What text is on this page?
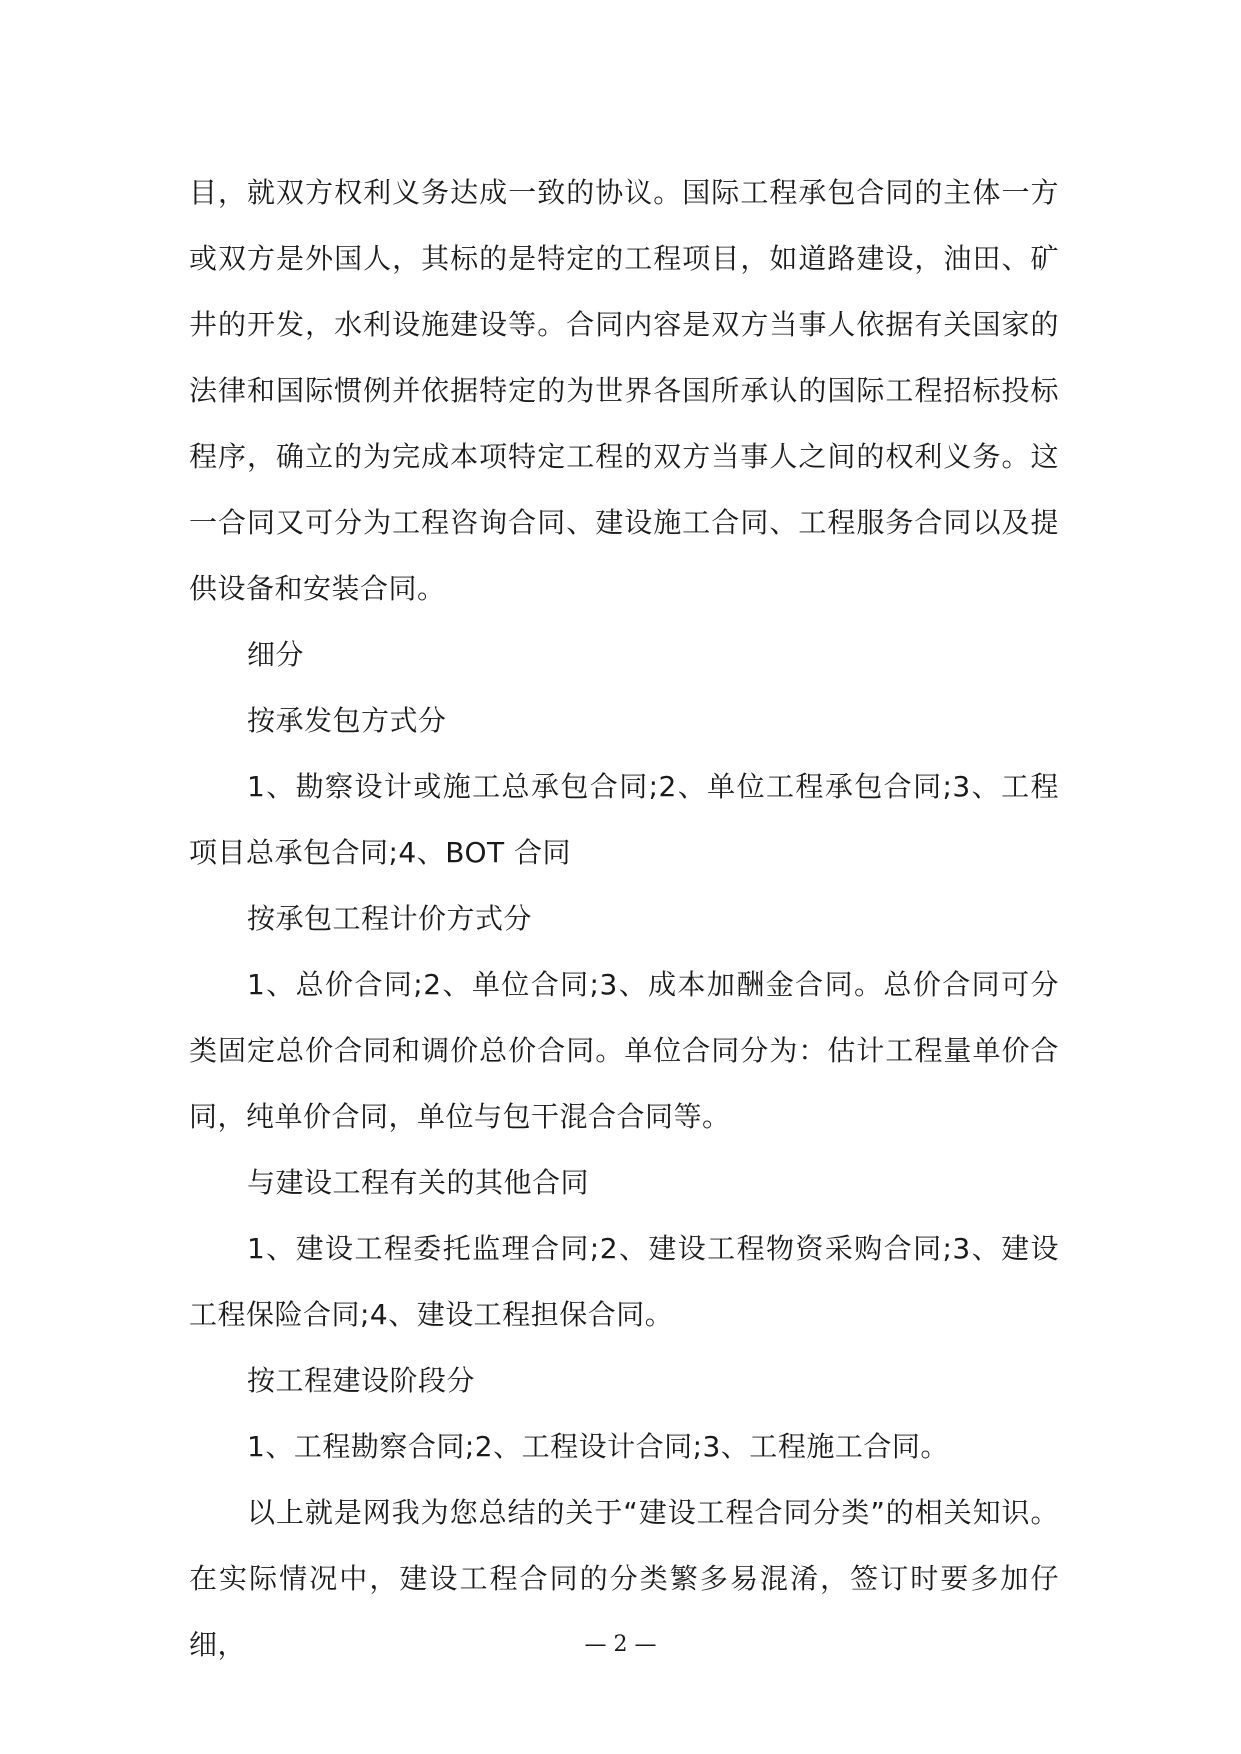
目，就双方权利义务达成一致的协议。国际工程承包合同的主体一方或双方是外国人，其标的是特定的工程项目，如道路建设，油田、矿井的开发，水利设施建设等。合同内容是双方当事人依据有关国家的法律和国际惯例并依据特定的为世界各国所承认的国际工程招标投标程序，确立的为完成本项特定工程的双方当事人之间的权利义务。这一合同又可分为工程咨询合同、建设施工合同、工程服务合同以及提供设备和安装合同。

细分

按承发包方式分

1、勘察设计或施工总承包合同;2、单位工程承包合同;3、工程项目总承包合同;4、BOT 合同

按承包工程计价方式分

1、总价合同;2、单位合同;3、成本加酬金合同。总价合同可分类固定总价合同和调价总价合同。单位合同分为：估计工程量单价合同，纯单价合同，单位与包干混合合同等。

与建设工程有关的其他合同

1、建设工程委托监理合同;2、建设工程物资采购合同;3、建设工程保险合同;4、建设工程担保合同。

按工程建设阶段分

1、工程勘察合同;2、工程设计合同;3、工程施工合同。

以上就是网我为您总结的关于“建设工程合同分类”的相关知识。在实际情况中，建设工程合同的分类繁多易混淆，签订时要多加仔细，	— 2 —
